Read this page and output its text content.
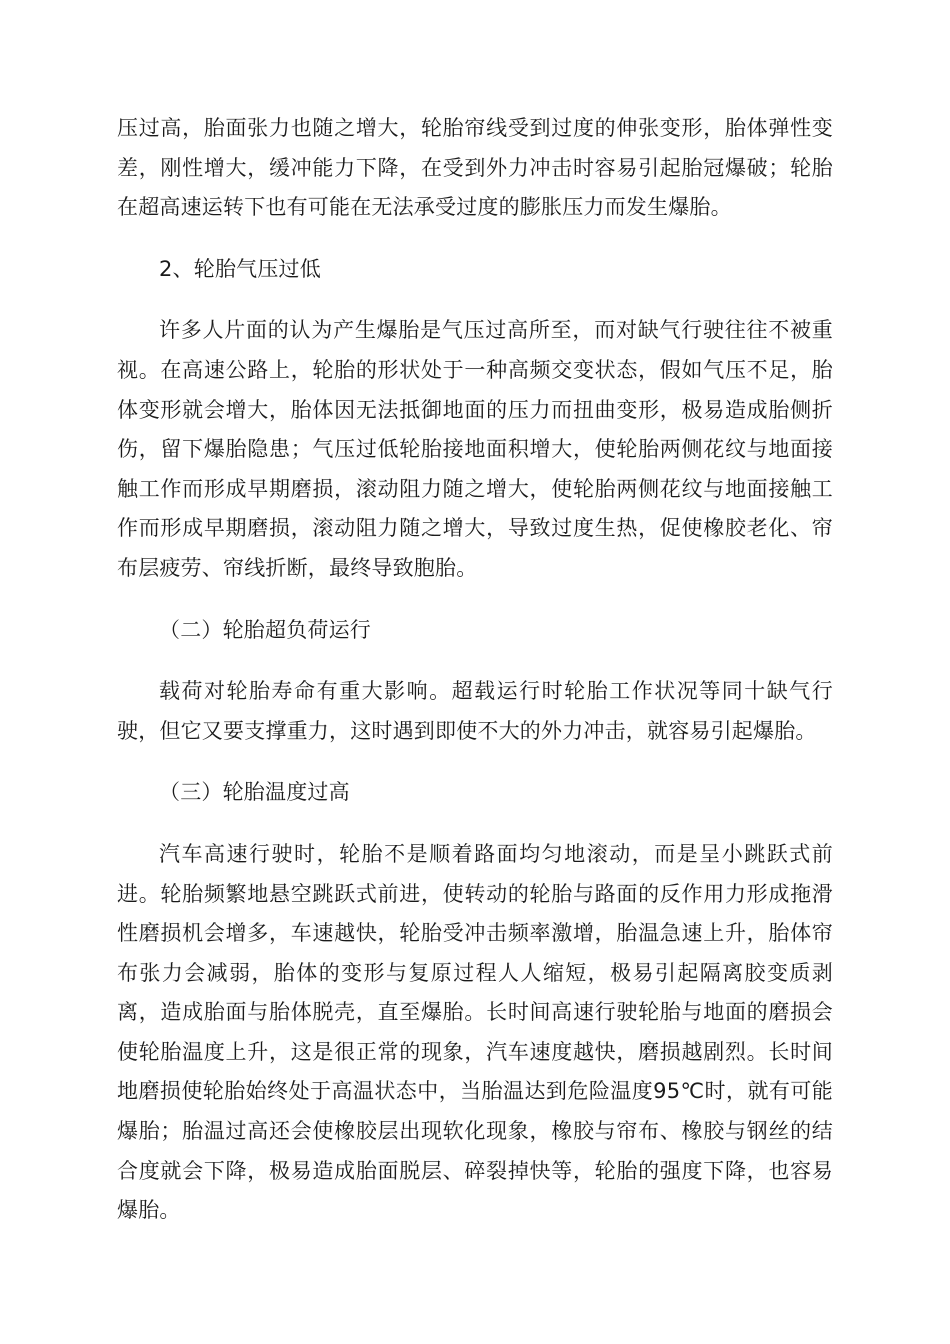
压过高，胎面张力也随之增大，轮胎帘线受到过度的伸张变形，胎体弹性变差，刚性增大，缓冲能力下降，在受到外力冲击时容易引起胎冠爆破；轮胎在超高速运转下也有可能在无法承受过度的膨胀压力而发生爆胎。

2、轮胎气压过低

许多人片面的认为产生爆胎是气压过高所至，而对缺气行驶往往不被重视。在高速公路上，轮胎的形状处于一种高频交变状态，假如气压不足，胎体变形就会增大，胎体因无法抵御地面的压力而扭曲变形，极易造成胎侧折伤，留下爆胎隐患；气压过低轮胎接地面积增大，使轮胎两侧花纹与地面接触工作而形成早期磨损，滚动阻力随之增大，使轮胎两侧花纹与地面接触工作而形成早期磨损，滚动阻力随之增大，导致过度生热，促使橡胶老化、帘布层疲劳、帘线折断，最终导致胞胎。

（二）轮胎超负荷运行

载荷对轮胎寿命有重大影响。超载运行时轮胎工作状况等同十缺气行驶，但它又要支撑重力，这时遇到即使不大的外力冲击，就容易引起爆胎。

（三）轮胎温度过高

汽车高速行驶时，轮胎不是顺着路面均匀地滚动，而是呈小跳跃式前进。轮胎频繁地悬空跳跃式前进，使转动的轮胎与路面的反作用力形成拖滑性磨损机会增多，车速越快，轮胎受冲击频率激增，胎温急速上升，胎体帘布张力会减弱，胎体的变形与复原过程人人缩短，极易引起隔离胶变质剥离，造成胎面与胎体脱壳，直至爆胎。长时间高速行驶轮胎与地面的磨损会使轮胎温度上升，这是很正常的现象，汽车速度越快，磨损越剧烈。长时间地磨损使轮胎始终处于高温状态中，当胎温达到危险温度95℃时，就有可能爆胎；胎温过高还会使橡胶层出现软化现象，橡胶与帘布、橡胶与钢丝的结合度就会下降，极易造成胎面脱层、碎裂掉快等，轮胎的强度下降，也容易爆胎。
